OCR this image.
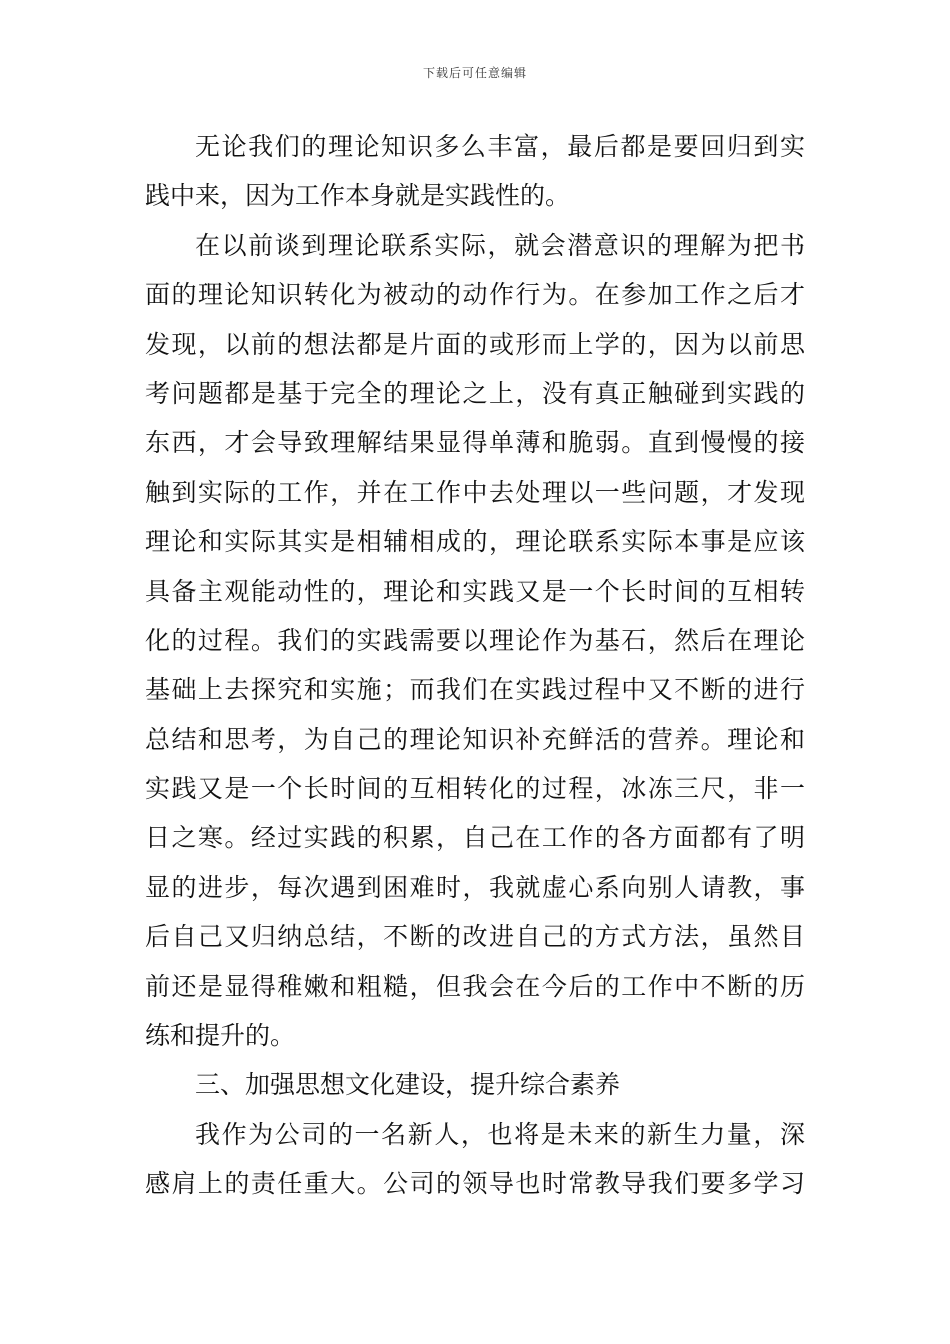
下载后可任意编辑
无论我们的理论知识多么丰富，最后都是要回归到实
践中来，因为工作本身就是实践性的。
在以前谈到理论联系实际，就会潜意识的理解为把书
面的理论知识转化为被动的动作行为。在参加工作之后才
发现，以前的想法都是片面的或形而上学的，因为以前思
考问题都是基于完全的理论之上，没有真正触碰到实践的
东西，才会导致理解结果显得单薄和脆弱。直到慢慢的接
触到实际的工作，并在工作中去处理以一些问题，才发现
理论和实际其实是相辅相成的，理论联系实际本事是应该
具备主观能动性的，理论和实践又是一个长时间的互相转
化的过程。我们的实践需要以理论作为基石，然后在理论
基础上去探究和实施；而我们在实践过程中又不断的进行
总结和思考，为自己的理论知识补充鲜活的营养。理论和
实践又是一个长时间的互相转化的过程，冰冻三尺，非一
日之寒。经过实践的积累，自己在工作的各方面都有了明
显的进步，每次遇到困难时，我就虚心系向别人请教，事
后自己又归纳总结，不断的改进自己的方式方法，虽然目
前还是显得稚嫩和粗糙，但我会在今后的工作中不断的历
练和提升的。
三、加强思想文化建设，提升综合素养
我作为公司的一名新人，也将是未来的新生力量，深
感肩上的责任重大。公司的领导也时常教导我们要多学习
